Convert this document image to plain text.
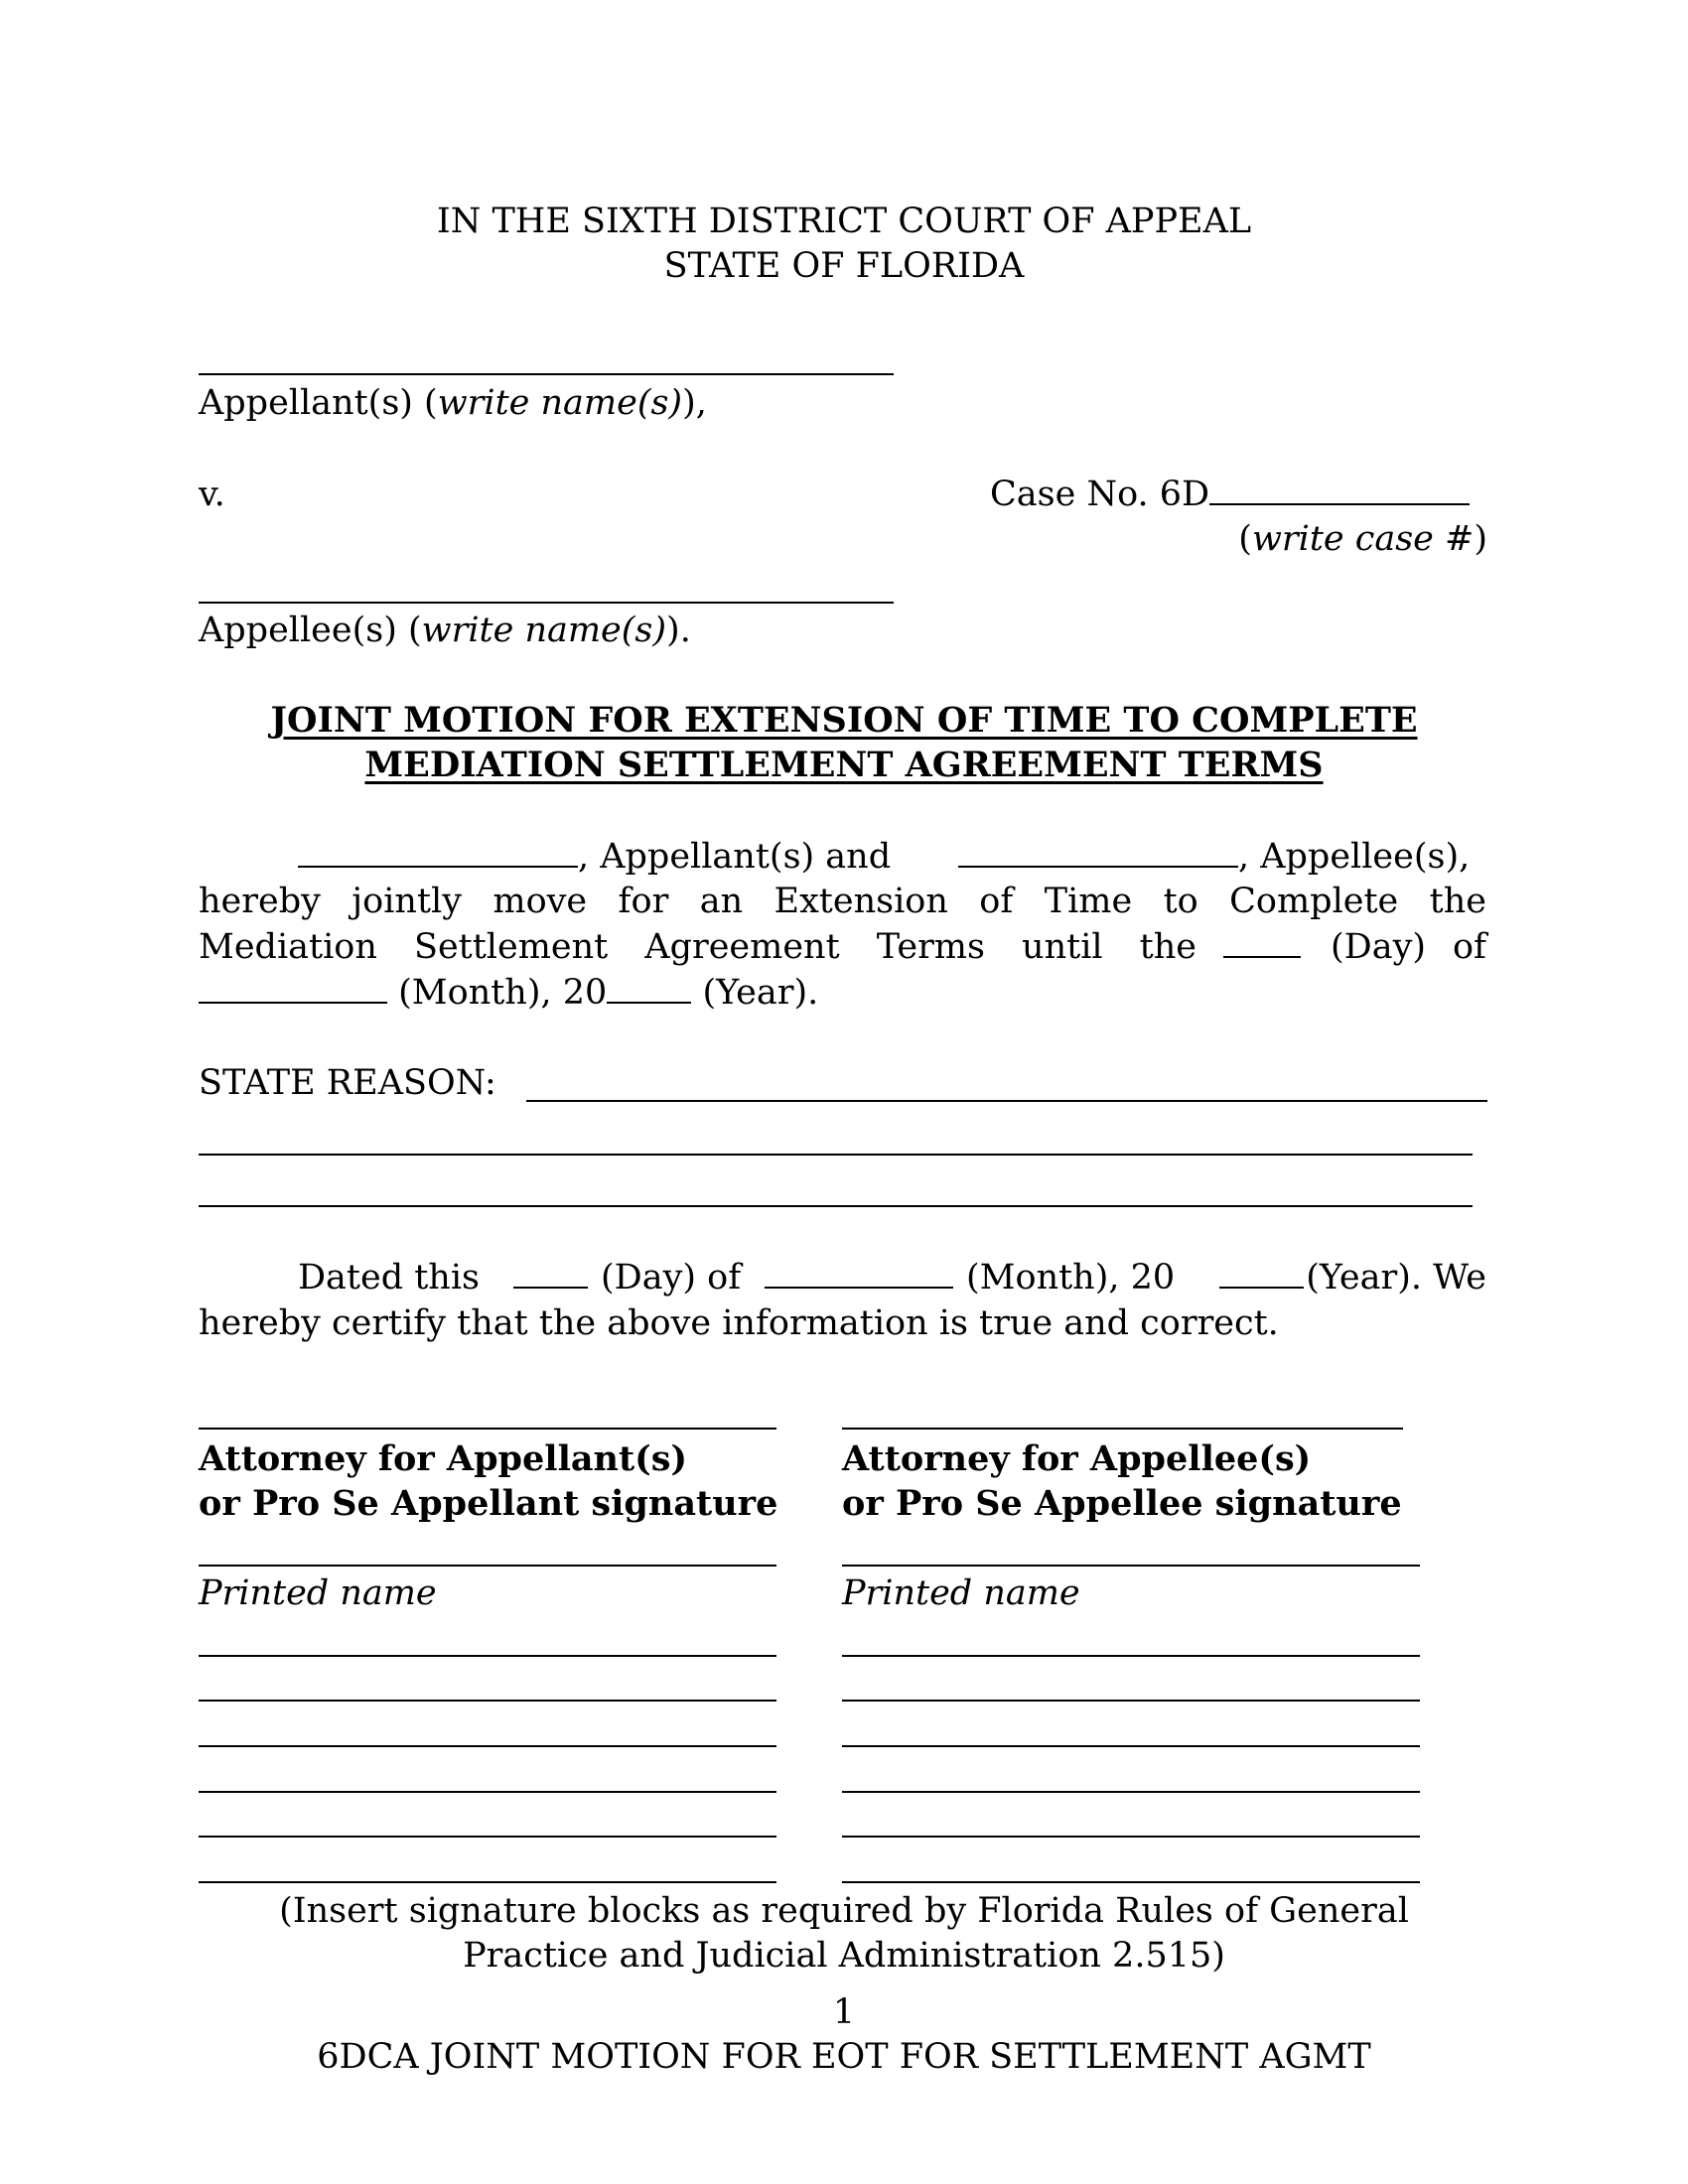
IN THE SIXTH DISTRICT COURT OF APPEAL
STATE OF FLORIDA
Appellant(s) (write name(s)),
v.	Case No. 6D
(write case #)
Appellee(s) (write name(s)).
JOINT MOTION FOR EXTENSION OF TIME TO COMPLETE
MEDIATION SETTLEMENT AGREEMENT TERMS
, Appellant(s) and	, Appellee(s),
hereby jointly move for an Extension of Time to Complete the
Mediation Settlement Agreement Terms until the	(Day) of
(Month), 20	(Year).
STATE REASON:
Dated this	(Day) of	(Month), 20	(Year). We
hereby certify that the above information is true and correct.
Attorney for Appellant(s)
or Pro Se Appellant signature
Attorney for Appellee(s)
or Pro Se Appellee signature
Printed name	Printed name
(Insert signature blocks as required by Florida Rules of General
Practice and Judicial Administration 2.515)
1
6DCA JOINT MOTION FOR EOT FOR SETTLEMENT AGMT
